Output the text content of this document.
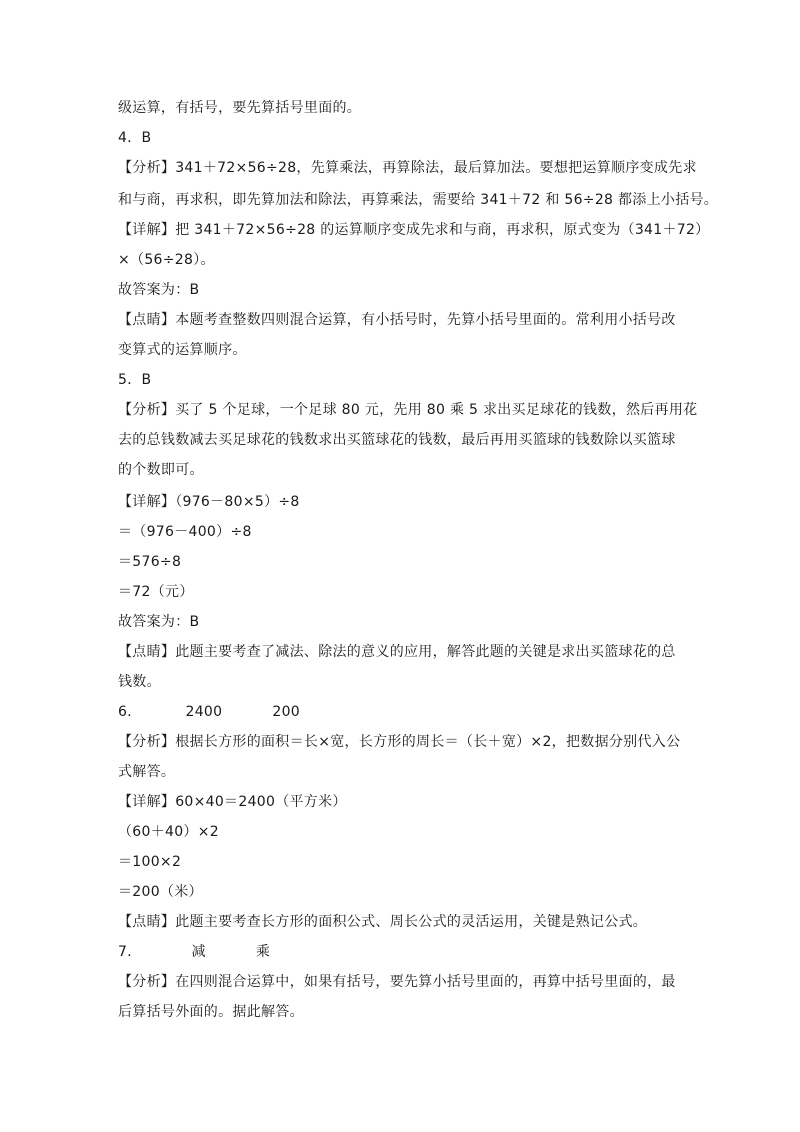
级运算，有括号，要先算括号里面的。
4．B
【分析】341＋72×56÷28，先算乘法，再算除法，最后算加法。要想把运算顺序变成先求
和与商，再求积，即先算加法和除法，再算乘法，需要给 341＋72 和 56÷28 都添上小括号。
【详解】把 341＋72×56÷28 的运算顺序变成先求和与商，再求积，原式变为（341＋72）
×（56÷28）。
故答案为：B
【点睛】本题考查整数四则混合运算，有小括号时，先算小括号里面的。常利用小括号改
变算式的运算顺序。
5．B
【分析】买了 5 个足球，一个足球 80 元，先用 80 乘 5 求出买足球花的钱数，然后再用花
去的总钱数减去买足球花的钱数求出买篮球花的钱数，最后再用买篮球的钱数除以买篮球
的个数即可。
【详解】（976－80×5）÷8
＝（976－400）÷8
＝576÷8
＝72（元）
故答案为：B
【点睛】此题主要考查了减法、除法的意义的应用，解答此题的关键是求出买篮球花的总
钱数。
6．	2400	200
【分析】根据长方形的面积＝长×宽，长方形的周长＝（长＋宽）×2，把数据分别代入公
式解答。
【详解】60×40＝2400（平方米）
（60＋40）×2
＝100×2
＝200（米）
【点睛】此题主要考查长方形的面积公式、周长公式的灵活运用，关键是熟记公式。
7．	减	乘
【分析】在四则混合运算中，如果有括号，要先算小括号里面的，再算中括号里面的，最
后算括号外面的。据此解答。
